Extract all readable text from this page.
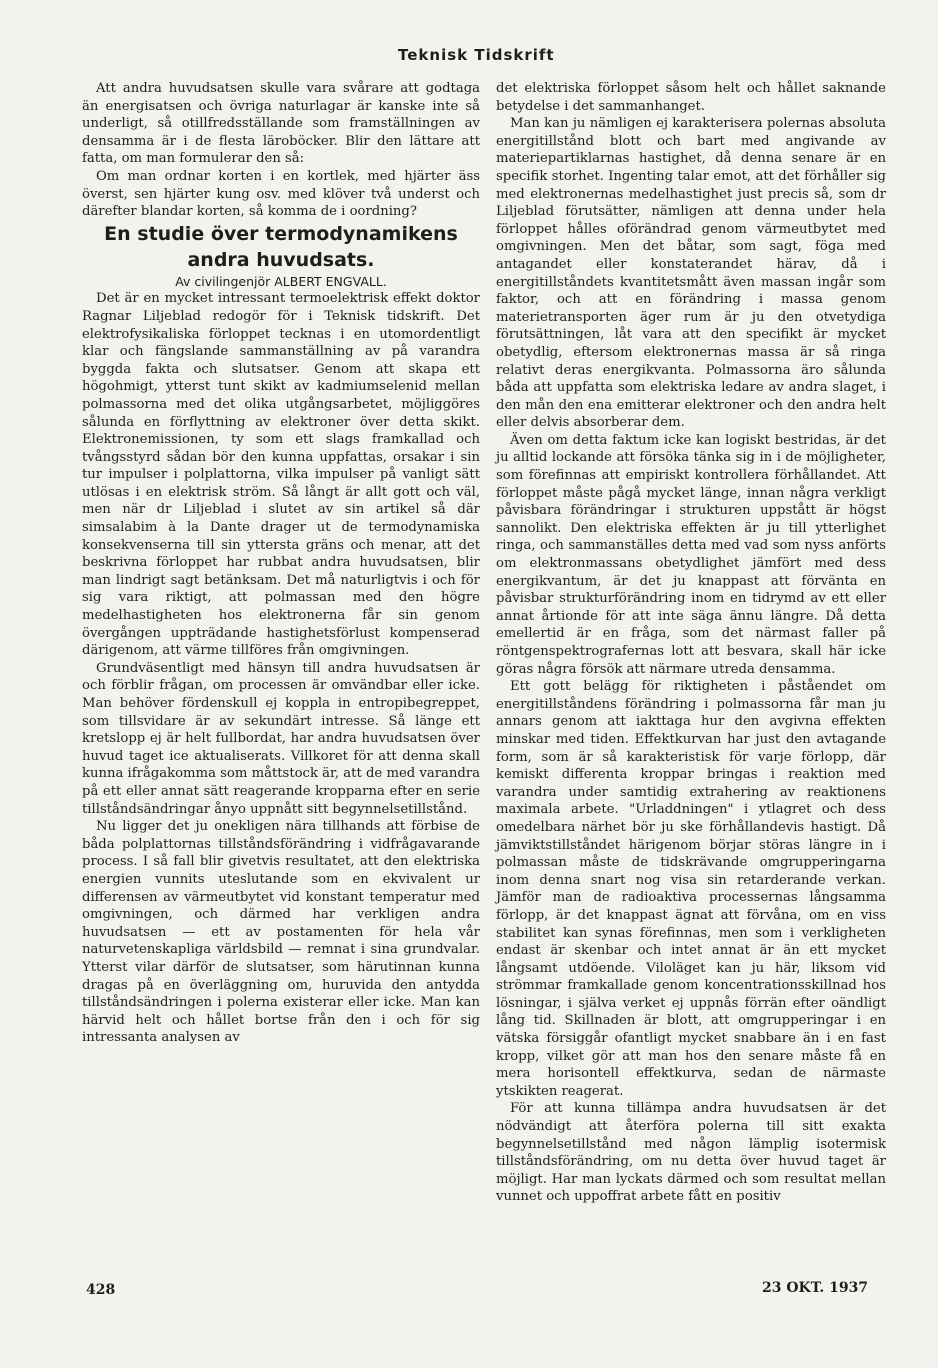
Teknisk Tidskrift

Att andra huvudsatsen skulle vara svårare att godtaga än energisatsen och övriga naturlagar är kanske inte så underligt, så otillfredsställande som framställningen av densamma är i de flesta läroböcker. Blir den lättare att fatta, om man formulerar den så:

Om man ordnar korten i en kortlek, med hjärter äss överst, sen hjärter kung osv. med klöver två underst och därefter blandar korten, så komma de i oordning?

En studie över termodynamikens andra huvudsats.

Av civilingenjör ALBERT ENGVALL.

Det är en mycket intressant termoelektrisk effekt doktor Ragnar Liljeblad redogör för i Teknisk tidskrift. Det elektrofysikaliska förloppet tecknas i en utomordentligt klar och fängslande sammanställning av på varandra byggda fakta och slutsatser. Genom att skapa ett högohmigt, ytterst tunt skikt av kadmiumselenid mellan polmassorna med det olika utgångsarbetet, möjliggöres sålunda en förflyttning av elektroner över detta skikt. Elektronemissionen, ty som ett slags framkallad och tvångsstyrd sådan bör den kunna uppfattas, orsakar i sin tur impulser i polplattorna, vilka impulser på vanligt sätt utlösas i en elektrisk ström. Så långt är allt gott och väl, men när dr Liljeblad i slutet av sin artikel så där simsalabim à la Dante drager ut de termodynamiska konsekvenserna till sin yttersta gräns och menar, att det beskrivna förloppet har rubbat andra huvudsatsen, blir man lindrigt sagt betänksam. Det må naturligtvis i och för sig vara riktigt, att polmassan med den högre medelhastigheten hos elektronerna får sin genom övergången uppträdande hastighetsförlust kompenserad därigenom, att värme tillföres från omgivningen.

Grundväsentligt med hänsyn till andra huvudsatsen är och förblir frågan, om processen är omvändbar eller icke. Man behöver fördenskull ej koppla in entropibegreppet, som tillsvidare är av sekundärt intresse. Så länge ett kretslopp ej är helt fullbordat, har andra huvudsatsen över huvud taget ice aktualiserats. Villkoret för att denna skall kunna ifrågakomma som måttstock är, att de med varandra på ett eller annat sätt reagerande kropparna efter en serie tillståndsändringar ånyo uppnått sitt begynnelsetillstånd.

Nu ligger det ju onekligen nära tillhands att förbise de båda polplattornas tillståndsförändring i vidfrågavarande process. I så fall blir givetvis resultatet, att den elektriska energien vunnits uteslutande som en ekvivalent ur differensen av värmeutbytet vid konstant temperatur med omgivningen, och därmed har verkligen andra huvudsatsen — ett av postamenten för hela vår naturvetenskapliga världsbild — remnat i sina grundvalar. Ytterst vilar därför de slutsatser, som härutinnan kunna dragas på en överläggning om, huruvida den antydda tillståndsändringen i polerna existerar eller icke. Man kan härvid helt och hållet bortse från den i och för sig intressanta analysen av

det elektriska förloppet såsom helt och hållet saknande betydelse i det sammanhanget.

Man kan ju nämligen ej karakterisera polernas absoluta energitillstånd blott och bart med angivande av materiepartiklarnas hastighet, då denna senare är en specifik storhet. Ingenting talar emot, att det förhåller sig med elektronernas medelhastighet just precis så, som dr Liljeblad förutsätter, nämligen att denna under hela förloppet hålles oförändrad genom värmeutbytet med omgivningen. Men det båtar, som sagt, föga med antagandet eller konstaterandet härav, då i energitillståndets kvantitetsmått även massan ingår som faktor, och att en förändring i massa genom materietransporten äger rum är ju den otvetydiga förutsättningen, låt vara att den specifikt är mycket obetydlig, eftersom elektronernas massa är så ringa relativt deras energikvanta. Polmassorna äro sålunda båda att uppfatta som elektriska ledare av andra slaget, i den mån den ena emitterar elektroner och den andra helt eller delvis absorberar dem.

Även om detta faktum icke kan logiskt bestridas, är det ju alltid lockande att försöka tänka sig in i de möjligheter, som förefinnas att empiriskt kontrollera förhållandet. Att förloppet måste pågå mycket länge, innan några verkligt påvisbara förändringar i strukturen uppstått är högst sannolikt. Den elektriska effekten är ju till ytterlighet ringa, och sammanställes detta med vad som nyss anförts om elektronmassans obetydlighet jämfört med dess energikvantum, är det ju knappast att förvänta en påvisbar strukturförändring inom en tidrymd av ett eller annat årtionde för att inte säga ännu längre. Då detta emellertid är en fråga, som det närmast faller på röntgenspektrografernas lott att besvara, skall här icke göras några försök att närmare utreda densamma.

Ett gott belägg för riktigheten i påståendet om energitillståndens förändring i polmassorna får man ju annars genom att iakttaga hur den avgivna effekten minskar med tiden. Effektkurvan har just den avtagande form, som är så karakteristisk för varje förlopp, där kemiskt differenta kroppar bringas i reaktion med varandra under samtidig extrahering av reaktionens maximala arbete. "Urladdningen" i ytlagret och dess omedelbara närhet bör ju ske förhållandevis hastigt. Då jämviktstillståndet härigenom börjar störas längre in i polmassan måste de tidskrävande omgrupperingarna inom denna snart nog visa sin retarderande verkan. Jämför man de radioaktiva processernas långsamma förlopp, är det knappast ägnat att förvåna, om en viss stabilitet kan synas förefinnas, men som i verkligheten endast är skenbar och intet annat är än ett mycket långsamt utdöende. Viloläget kan ju här, liksom vid strömmar framkallade genom koncentrationsskillnad hos lösningar, i själva verket ej uppnås förrän efter oändligt lång tid. Skillnaden är blott, att omgrupperingar i en vätska försiggår ofantligt mycket snabbare än i en fast kropp, vilket gör att man hos den senare måste få en mera horisontell effektkurva, sedan de närmaste ytskikten reagerat.

För att kunna tillämpa andra huvudsatsen är det nödvändigt att återföra polerna till sitt exakta begynnelsetillstånd med någon lämplig isotermisk tillståndsförändring, om nu detta över huvud taget är möjligt. Har man lyckats därmed och som resultat mellan vunnet och uppoffrat arbete fått en positiv

428	23 OKT. 1937
